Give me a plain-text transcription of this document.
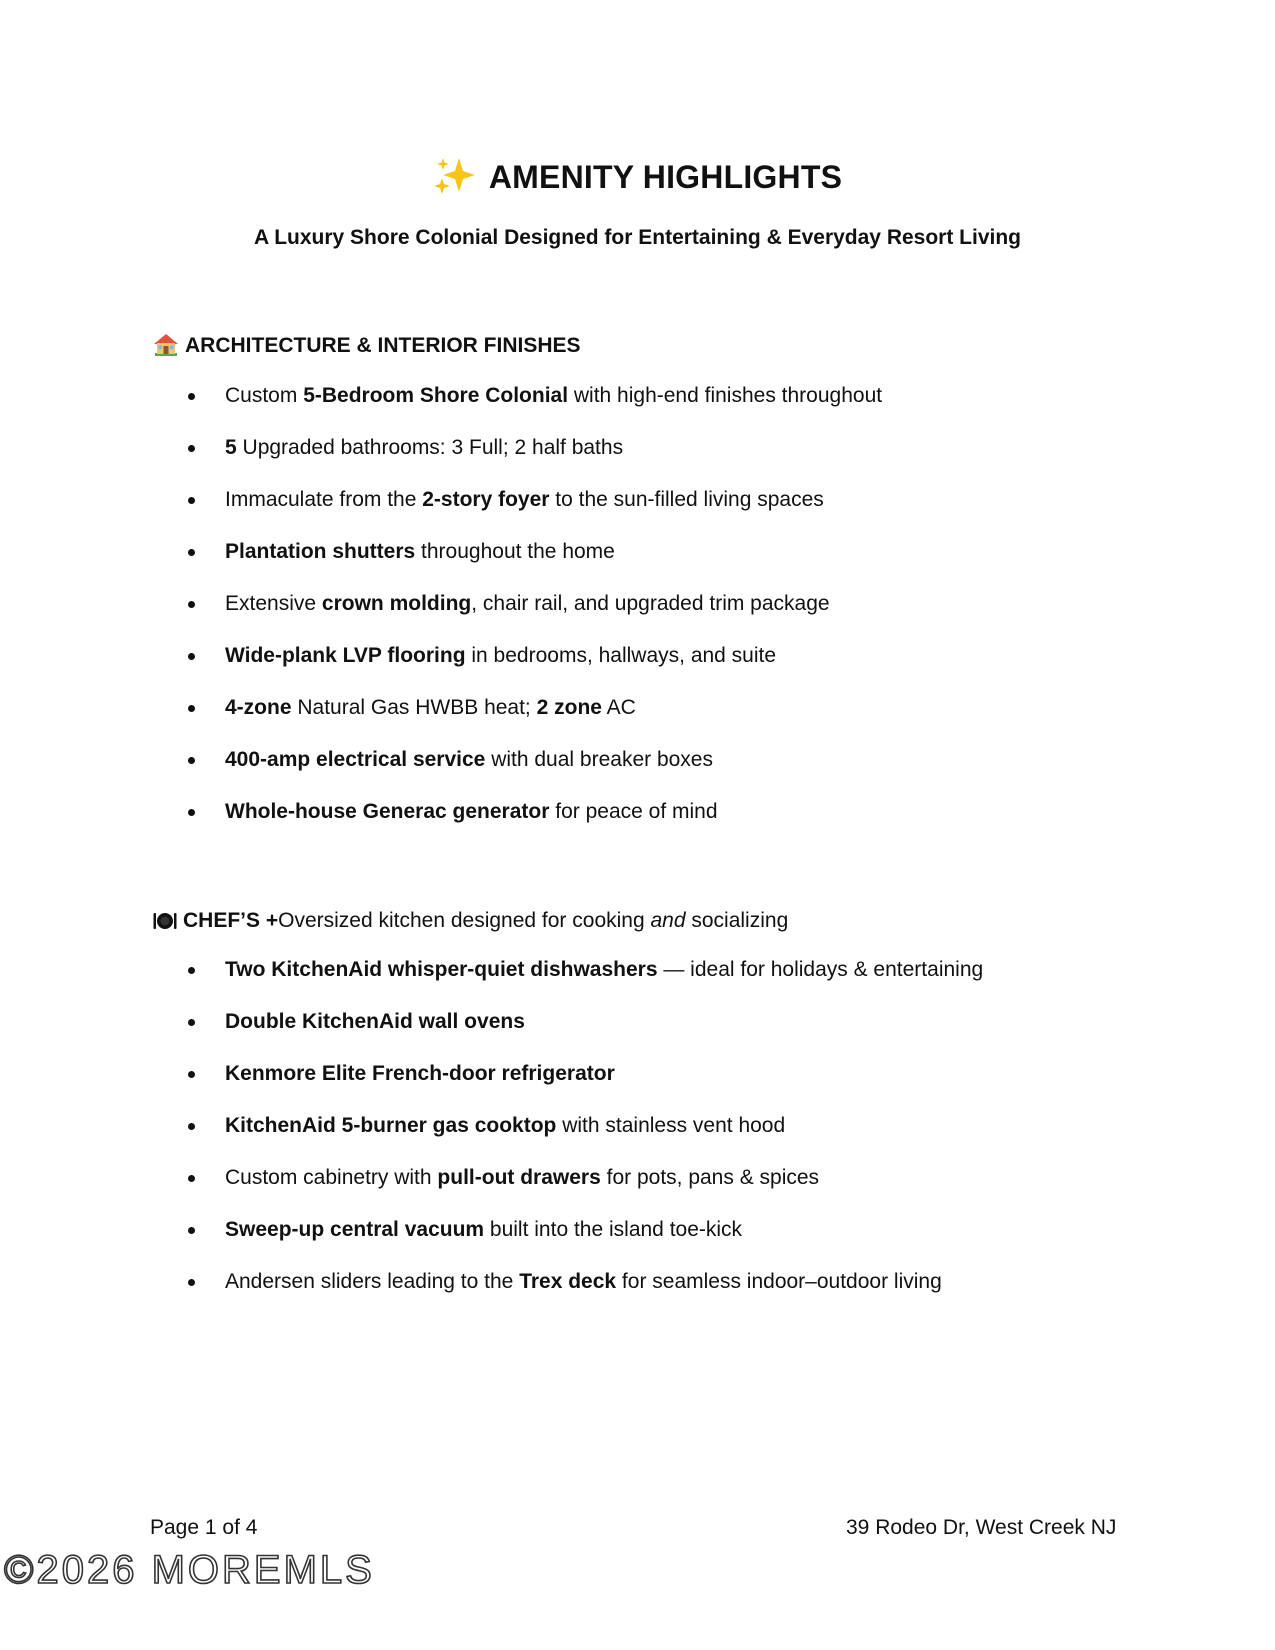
AMENITY HIGHLIGHTS
A Luxury Shore Colonial Designed for Entertaining & Everyday Resort Living
ARCHITECTURE & INTERIOR FINISHES
Custom 5-Bedroom Shore Colonial with high-end finishes throughout
5 Upgraded bathrooms: 3 Full; 2 half baths
Immaculate from the 2-story foyer to the sun-filled living spaces
Plantation shutters throughout the home
Extensive crown molding, chair rail, and upgraded trim package
Wide-plank LVP flooring in bedrooms, hallways, and suite
4-zone Natural Gas HWBB heat; 2 zone AC
400-amp electrical service with dual breaker boxes
Whole-house Generac generator for peace of mind
CHEF’S +Oversized kitchen designed for cooking and socializing
Two KitchenAid whisper-quiet dishwashers — ideal for holidays & entertaining
Double KitchenAid wall ovens
Kenmore Elite French-door refrigerator
KitchenAid 5-burner gas cooktop with stainless vent hood
Custom cabinetry with pull-out drawers for pots, pans & spices
Sweep-up central vacuum built into the island toe-kick
Andersen sliders leading to the Trex deck for seamless indoor–outdoor living
Page 1 of 4	39 Rodeo Dr, West Creek NJ
©2026 MOREMLS
